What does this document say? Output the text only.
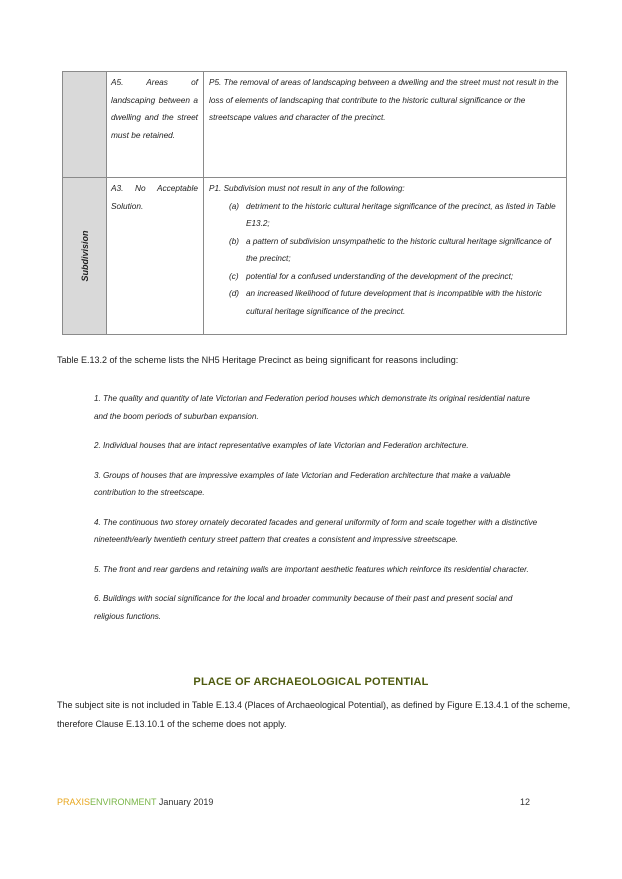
A5. Areas of landscaping between a dwelling and the street must be retained.

P5. The removal of areas of landscaping between a dwelling and the street must not result in the loss of elements of landscaping that contribute to the historic cultural significance or the streetscape values and character of the precinct.

Subdivision

A3. No Acceptable Solution.

P1. Subdivision must not result in any of the following:

(a) detriment to the historic cultural heritage significance of the precinct, as listed in Table E13.2;
(b) a pattern of subdivision unsympathetic to the historic cultural heritage significance of the precinct;
(c) potential for a confused understanding of the development of the precinct;
(d) an increased likelihood of future development that is incompatible with the historic cultural heritage significance of the precinct.

Table E.13.2 of the scheme lists the NH5 Heritage Precinct as being significant for reasons including:

1. The quality and quantity of late Victorian and Federation period houses which demonstrate its original residential nature and the boom periods of suburban expansion.
2. Individual houses that are intact representative examples of late Victorian and Federation architecture.
3. Groups of houses that are impressive examples of late Victorian and Federation architecture that make a valuable contribution to the streetscape.
4. The continuous two storey ornately decorated facades and general uniformity of form and scale together with a distinctive nineteenth/early twentieth century street pattern that creates a consistent and impressive streetscape.
5. The front and rear gardens and retaining walls are important aesthetic features which reinforce its residential character.
6. Buildings with social significance for the local and broader community because of their past and present social and religious functions.
PLACE OF ARCHAEOLOGICAL POTENTIAL

The subject site is not included in Table E.13.4 (Places of Archaeological Potential), as defined by Figure E.13.4.1 of the scheme, therefore Clause E.13.10.1 of the scheme does not apply.

PRAXISENVIRONMENT January 2019	12
